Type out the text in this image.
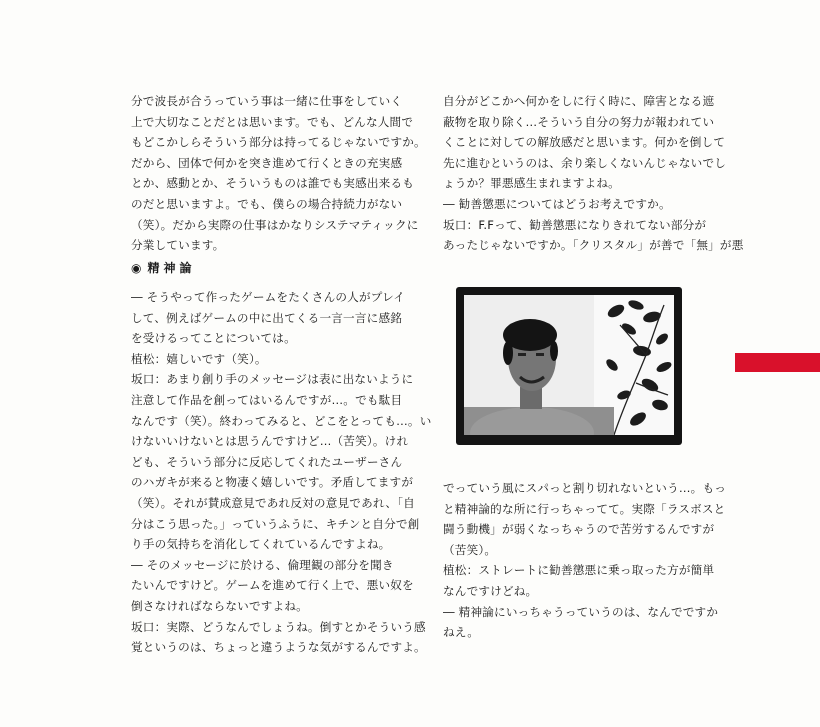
分で波長が合うっていう事は一緒に仕事をしていく

上で大切なことだとは思います。でも、どんな人間で

もどこかしらそういう部分は持ってるじゃないですか。

だから、団体で何かを突き進めて行くときの充実感

とか、感動とか、そういうものは誰でも実感出来るも

のだと思いますよ。でも、僕らの場合持続力がない

（笑）。だから実際の仕事はかなりシステマティックに

分業しています。

◉ 精神論

― そうやって作ったゲームをたくさんの人がプレイ

して、例えばゲームの中に出てくる一言一言に感銘

を受けるってことについては。

植松：嬉しいです（笑）。

坂口：あまり創り手のメッセージは表に出ないように

注意して作品を創ってはいるんですが…。でも駄目

なんです（笑）。終わってみると、どこをとっても…。い

けないいけないとは思うんですけど…（苦笑）。けれ

ども、そういう部分に反応してくれたユーザーさん

のハガキが来ると物凄く嬉しいです。矛盾してますが

（笑）。それが賛成意見であれ反対の意見であれ、「自

分はこう思った。」っていうふうに、キチンと自分で創

り手の気持ちを消化してくれているんですよね。

― そのメッセージに於ける、倫理観の部分を聞き

たいんですけど。ゲームを進めて行く上で、悪い奴を

倒さなければならないですよね。

坂口：実際、どうなんでしょうね。倒すとかそういう感

覚というのは、ちょっと違うような気がするんですよ。

自分がどこかへ何かをしに行く時に、障害となる遮

蔽物を取り除く…そういう自分の努力が報われてい

くことに対しての解放感だと思います。何かを倒して

先に進むというのは、余り楽しくないんじゃないでし

ょうか？罪悪感生まれますよね。

― 勧善懲悪についてはどうお考えですか。

坂口：F.Fって、勧善懲悪になりきれてない部分が

あったじゃないですか。「クリスタル」が善で「無」が悪

でっていう風にスパっと割り切れないという…。もっ

と精神論的な所に行っちゃってて。実際「ラスボスと

闘う動機」が弱くなっちゃうので苦労するんですが

（苦笑）。

植松：ストレートに勧善懲悪に乗っ取った方が簡単

なんですけどね。

― 精神論にいっちゃうっていうのは、なんでですか

ねえ。
